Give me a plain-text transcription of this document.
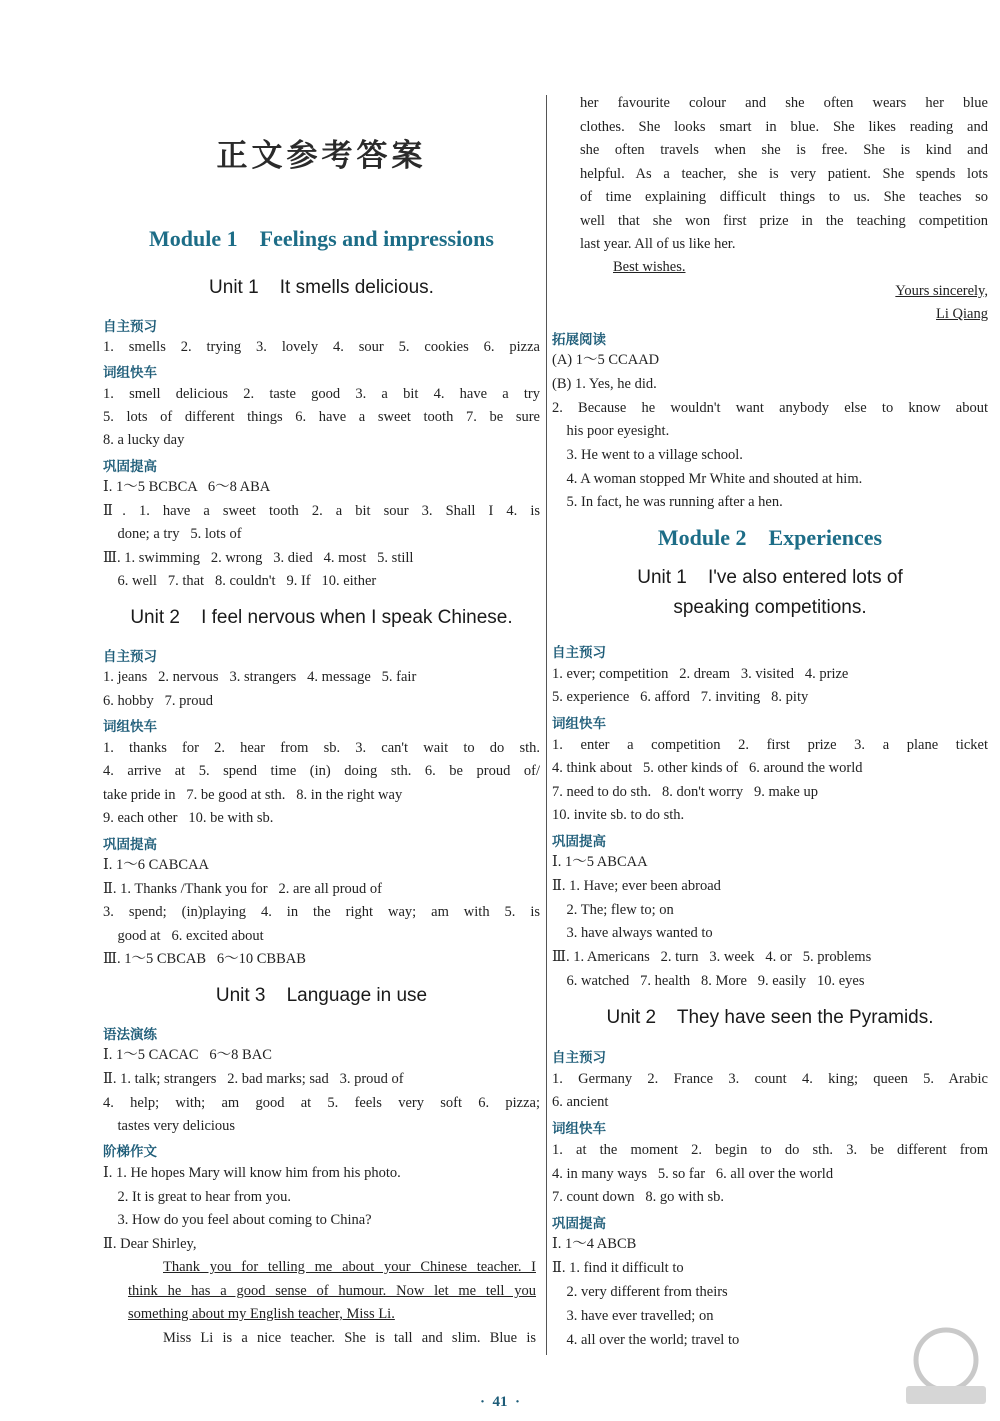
正文参考答案
Module 1    Feelings and impressions
Unit 1    It smells delicious.
自主预习
1. smells 2. trying 3. lovely 4. sour 5. cookies 6. pizza
词组快车
1. smell delicious 2. taste good 3. a bit 4. have a try
5. lots of different things 6. have a sweet tooth 7. be sure
8. a lucky day
巩固提高
Ⅰ. 1～5 BCBCA   6～8 ABA
Ⅱ. 1. have a sweet tooth 2. a bit sour 3. Shall I 4. is
done; a try   5. lots of
Ⅲ. 1. swimming   2. wrong   3. died   4. most   5. still
6. well   7. that   8. couldn't   9. If   10. either
Unit 2    I feel nervous when I speak Chinese.
自主预习
1. jeans   2. nervous   3. strangers   4. message   5. fair
6. hobby   7. proud
词组快车
1. thanks for 2. hear from sb. 3. can't wait to do sth.
4. arrive at 5. spend time (in) doing sth. 6. be proud of/
take pride in   7. be good at sth.   8. in the right way
9. each other   10. be with sb.
巩固提高
Ⅰ. 1～6 CABCAA
Ⅱ. 1. Thanks /Thank you for   2. are all proud of
3. spend; (in)playing 4. in the right way; am with 5. is
good at   6. excited about
Ⅲ. 1～5 CBCAB   6～10 CBBAB
Unit 3    Language in use
语法演练
Ⅰ. 1～5 CACAC   6～8 BAC
Ⅱ. 1. talk; strangers   2. bad marks; sad   3. proud of
4. help; with; am good at 5. feels very soft 6. pizza;
tastes very delicious
阶梯作文
Ⅰ. 1. He hopes Mary will know him from his photo.
2. It is great to hear from you.
3. How do you feel about coming to China?
Ⅱ. Dear Shirley,
Thank you for telling me about your Chinese teacher. I
think he has a good sense of humour. Now let me tell you
something about my English teacher, Miss Li.
Miss Li is a nice teacher. She is tall and slim. Blue is
her favourite colour and she often wears her blue
clothes. She looks smart in blue. She likes reading and
she often travels when she is free. She is kind and
helpful. As a teacher, she is very patient. She spends lots
of time explaining difficult things to us. She teaches so
well that she won first prize in the teaching competition
last year. All of us like her.
Best wishes.
Yours sincerely,
Li Qiang
拓展阅读
(A) 1～5 CCAAD
(B) 1. Yes, he did.
2. Because he wouldn't want anybody else to know about
his poor eyesight.
3. He went to a village school.
4. A woman stopped Mr White and shouted at him.
5. In fact, he was running after a hen.
Module 2    Experiences
Unit 1    I've also entered lots of
speaking competitions.
自主预习
1. ever; competition   2. dream   3. visited   4. prize
5. experience   6. afford   7. inviting   8. pity
词组快车
1. enter a competition 2. first prize 3. a plane ticket
4. think about   5. other kinds of   6. around the world
7. need to do sth.   8. don't worry   9. make up
10. invite sb. to do sth.
巩固提高
Ⅰ. 1～5 ABCAA
Ⅱ. 1. Have; ever been abroad
2. The; flew to; on
3. have always wanted to
Ⅲ. 1. Americans   2. turn   3. week   4. or   5. problems
6. watched   7. health   8. More   9. easily   10. eyes
Unit 2    They have seen the Pyramids.
自主预习
1. Germany 2. France 3. count 4. king; queen 5. Arabic
6. ancient
词组快车
1. at the moment 2. begin to do sth. 3. be different from
4. in many ways   5. so far   6. all over the world
7. count down   8. go with sb.
巩固提高
Ⅰ. 1～4 ABCB
Ⅱ. 1. find it difficult to
2. very different from theirs
3. have ever travelled; on
4. all over the world; travel to
·  41  ·
